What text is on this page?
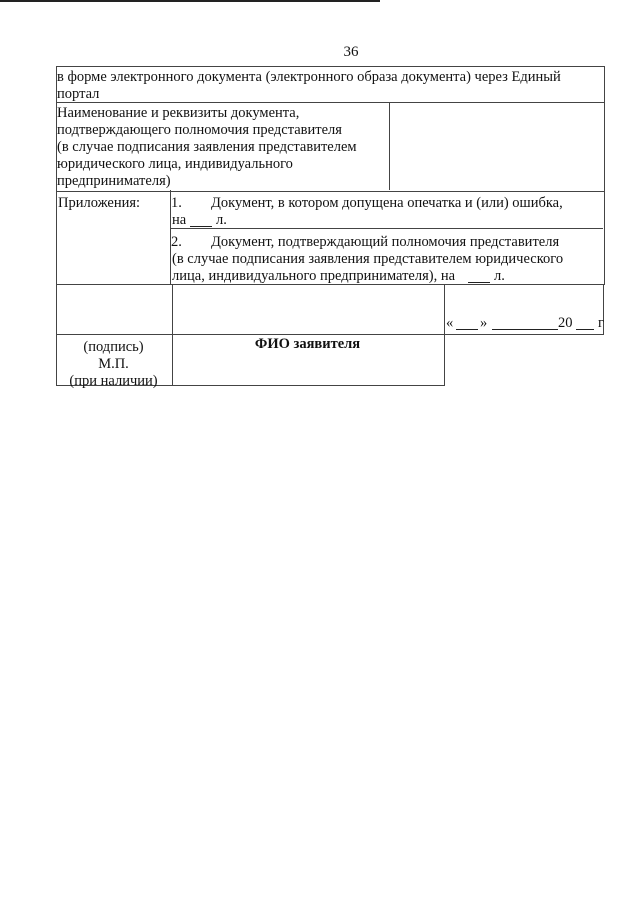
36
в форме электронного документа (электронного образа документа) через Единый
портал
Наименование и реквизиты документа,
подтверждающего полномочия представителя
(в случае подписания заявления представителем
юридического лица, индивидуального
предпринимателя)
Приложения: 1. Документ, в котором допущена опечатка и (или) ошибка,
на л.
2. Документ, подтверждающий полномочия представителя
(в случае подписания заявления представителем юридического
лица, индивидуального предпринимателя), на	л.
« »	20 г
(подпись)
М.П.
(при наличии)
ФИО заявителя
